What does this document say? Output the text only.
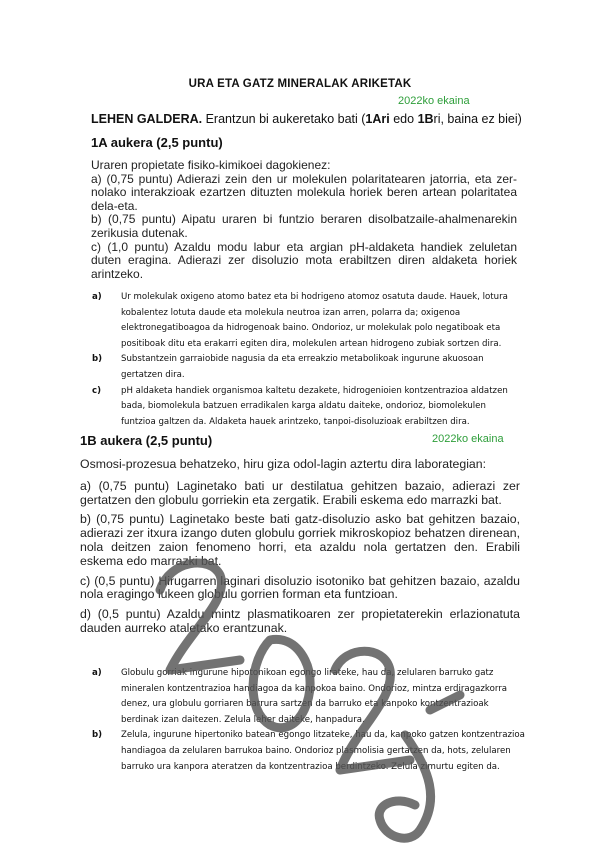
URA ETA GATZ MINERALAK ARIKETAK
2022ko ekaina
LEHEN GALDERA. Erantzun bi aukeretako bati (1Ari edo 1Bri, baina ez biei)
1A aukera (2,5 puntu)

Uraren propietate fisiko-kimikoei dagokienez:

a) (0,75 puntu) Adierazi zein den ur molekulen polaritatearen jatorria, eta zer-nolako interakzioak ezartzen dituzten molekula horiek beren artean polaritatea dela-eta.

b) (0,75 puntu) Aipatu uraren bi funtzio beraren disolbatzaile-ahalmenarekin zerikusia dutenak.

c) (1,0 puntu) Azaldu modu labur eta argian pH-aldaketa handiek zeluletan duten eragina. Adierazi zer disoluzio mota erabiltzen diren aldaketa horiek arintzeko.

a) Ur molekulak oxigeno atomo batez eta bi hodrigeno atomoz osatuta daude. Hauek, lotura
kobalentez lotuta daude eta molekula neutroa izan arren, polarra da; oxigenoa
elektronegatiboagoa da hidrogenoak baino. Ondorioz, ur molekulak polo negatiboak eta
positiboak ditu eta erakarri egiten dira, molekulen artean hidrogeno zubiak sortzen dira.
b) Substantzein garraiobide nagusia da eta erreakzio metabolikoak ingurune akuosoan
gertatzen dira.
c) pH aldaketa handiek organismoa kaltetu dezakete, hidrogenioien kontzentrazioa aldatzen
bada, biomolekula batzuen erradikalen karga aldatu daiteke, ondorioz, biomolekulen
funtzioa galtzen da. Aldaketa hauek arintzeko, tanpoi-disoluzioak erabiltzen dira.
1B aukera (2,5 puntu)	2022ko ekaina

Osmosi-prozesua behatzeko, hiru giza odol-lagin aztertu dira laborategian:

a) (0,75 puntu) Laginetako bati ur destilatua gehitzen bazaio, adierazi zer gertatzen den globulu gorriekin eta zergatik. Erabili eskema edo marrazki bat.

b) (0,75 puntu) Laginetako beste bati gatz-disoluzio asko bat gehitzen bazaio, adierazi zer itxura izango duten globulu gorriek mikroskopioz behatzen direnean, nola deitzen zaion fenomeno horri, eta azaldu nola gertatzen den. Erabili eskema edo marrazki bat.

c) (0,5 puntu) Hirugarren laginari disoluzio isotoniko bat gehitzen bazaio, azaldu nola eragingo lukeen globulu gorrien forman eta funtzioan.

d) (0,5 puntu) Azaldu mintz plasmatikoaren zer propietaterekin erlazionatuta dauden aurreko ataletako erantzunak.

a) Globulu gorriak ingurune hipotonikoan egongo lirateke, hau da, zelularen barruko gatz
mineralen kontzentrazioa handiagoa da kanpokoa baino. Ondorioz, mintza erdiragazkorra
denez, ura globulu gorriaren barrura sartzen da barruko eta kanpoko kontzentrazioak
berdinak izan daitezen. Zelula leher daiteke, hanpadura.
b) Zelula, ingurune hipertoniko batean egongo litzateke, hau da, kanpoko gatzen kontzentrazioa
handiagoa da zelularen barrukoa baino. Ondorioz plasmolisia gertatzen da, hots, zelularen
barruko ura kanpora ateratzen da kontzentrazioa berdintzeko. Zelula zimurtu egiten da.
